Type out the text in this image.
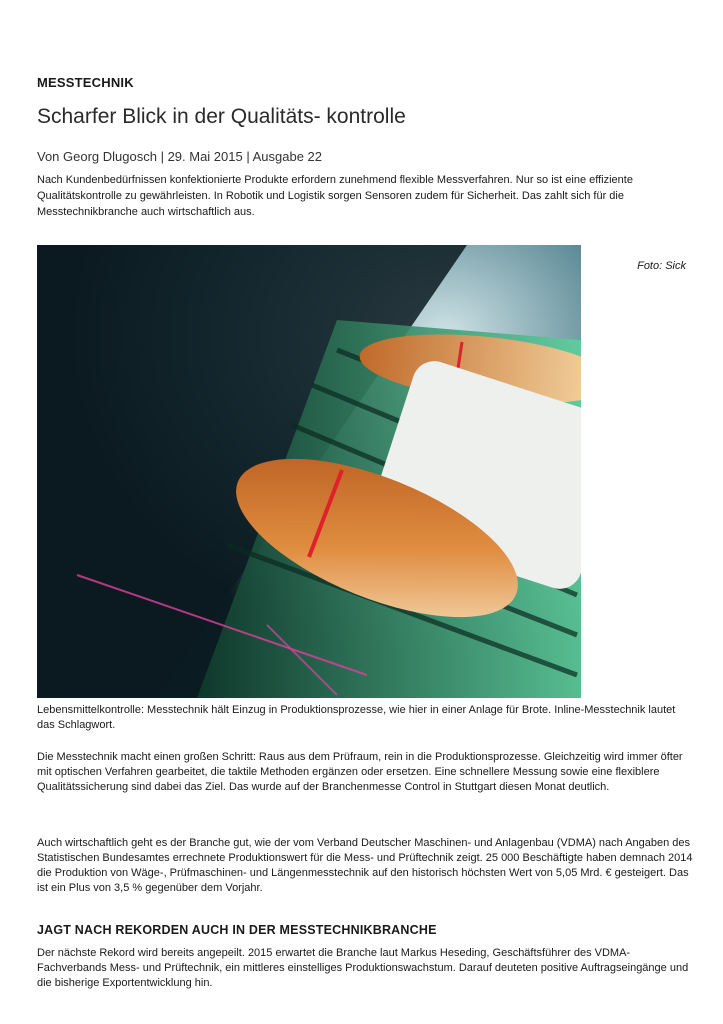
MESSTECHNIK
Scharfer Blick in der Qualitäts- kontrolle
Von Georg Dlugosch | 29. Mai 2015 | Ausgabe 22
Nach Kundenbedürfnissen konfektionierte Produkte erfordern zunehmend flexible Messverfahren. Nur so ist eine effiziente Qualitätskontrolle zu gewährleisten. In Robotik und Logistik sorgen Sensoren zudem für Sicherheit. Das zahlt sich für die Messtechnikbranche auch wirtschaftlich aus.
Foto: Sick
Lebensmittelkontrolle: Messtechnik hält Einzug in Produktionsprozesse, wie hier in einer Anlage für Brote. Inline-Messtechnik lautet das Schlagwort.
Die Messtechnik macht einen großen Schritt: Raus aus dem Prüfraum, rein in die Produktionsprozesse. Gleichzeitig wird immer öfter mit optischen Verfahren gearbeitet, die taktile Methoden ergänzen oder ersetzen. Eine schnellere Messung sowie eine flexiblere Qualitätssicherung sind dabei das Ziel. Das wurde auf der Branchenmesse Control in Stuttgart diesen Monat deutlich.
Auch wirtschaftlich geht es der Branche gut, wie der vom Verband Deutscher Maschinen- und Anlagenbau (VDMA) nach Angaben des Statistischen Bundesamtes errechnete Produktionswert für die Mess- und Prüftechnik zeigt. 25 000 Beschäftigte haben demnach 2014 die Produktion von Wäge-, Prüfmaschinen- und Längenmesstechnik auf den historisch höchsten Wert von 5,05 Mrd. € gesteigert. Das ist ein Plus von 3,5 % gegenüber dem Vorjahr.
JAGT NACH REKORDEN AUCH IN DER MESSTECHNIKBRANCHE
Der nächste Rekord wird bereits angepeilt. 2015 erwartet die Branche laut Markus Heseding, Geschäftsführer des VDMA-Fachverbands Mess- und Prüftechnik, ein mittleres einstelliges Produktionswachstum. Darauf deuteten positive Auftragseingänge und die bisherige Exportentwicklung hin.
